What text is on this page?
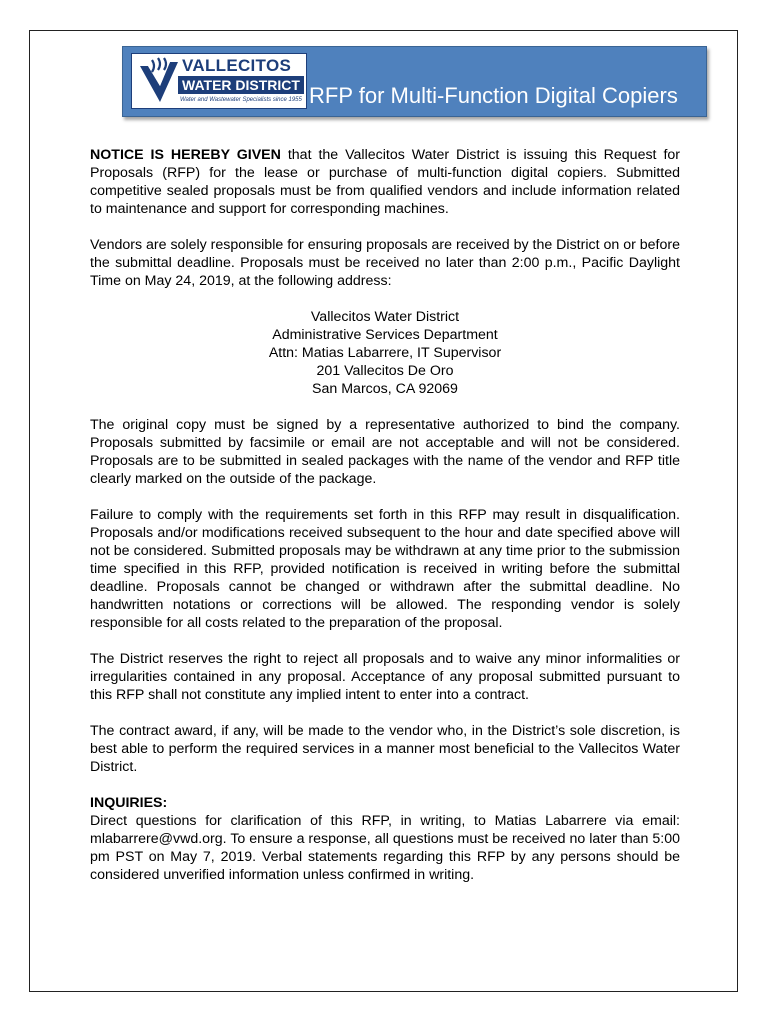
VALLECITOS
WATER DISTRICT
Water and Wastewater Specialists since 1955 RFP for Multi-Function Digital Copiers

NOTICE IS HEREBY GIVEN that the Vallecitos Water District is issuing this Request for Proposals (RFP) for the lease or purchase of multi-function digital copiers. Submitted competitive sealed proposals must be from qualified vendors and include information related to maintenance and support for corresponding machines.

Vendors are solely responsible for ensuring proposals are received by the District on or before the submittal deadline. Proposals must be received no later than 2:00 p.m., Pacific Daylight Time on May 24, 2019, at the following address:

Vallecitos Water District
Administrative Services Department
Attn: Matias Labarrere, IT Supervisor
201 Vallecitos De Oro
San Marcos, CA 92069

The original copy must be signed by a representative authorized to bind the company. Proposals submitted by facsimile or email are not acceptable and will not be considered. Proposals are to be submitted in sealed packages with the name of the vendor and RFP title clearly marked on the outside of the package.

Failure to comply with the requirements set forth in this RFP may result in disqualification. Proposals and/or modifications received subsequent to the hour and date specified above will not be considered. Submitted proposals may be withdrawn at any time prior to the submission time specified in this RFP, provided notification is received in writing before the submittal deadline. Proposals cannot be changed or withdrawn after the submittal deadline. No handwritten notations or corrections will be allowed. The responding vendor is solely responsible for all costs related to the preparation of the proposal.

The District reserves the right to reject all proposals and to waive any minor informalities or irregularities contained in any proposal. Acceptance of any proposal submitted pursuant to this RFP shall not constitute any implied intent to enter into a contract.

The contract award, if any, will be made to the vendor who, in the District’s sole discretion, is best able to perform the required services in a manner most beneficial to the Vallecitos Water District.

INQUIRIES:
Direct questions for clarification of this RFP, in writing, to Matias Labarrere via email: mlabarrere@vwd.org. To ensure a response, all questions must be received no later than 5:00 pm PST on May 7, 2019. Verbal statements regarding this RFP by any persons should be considered unverified information unless confirmed in writing.
